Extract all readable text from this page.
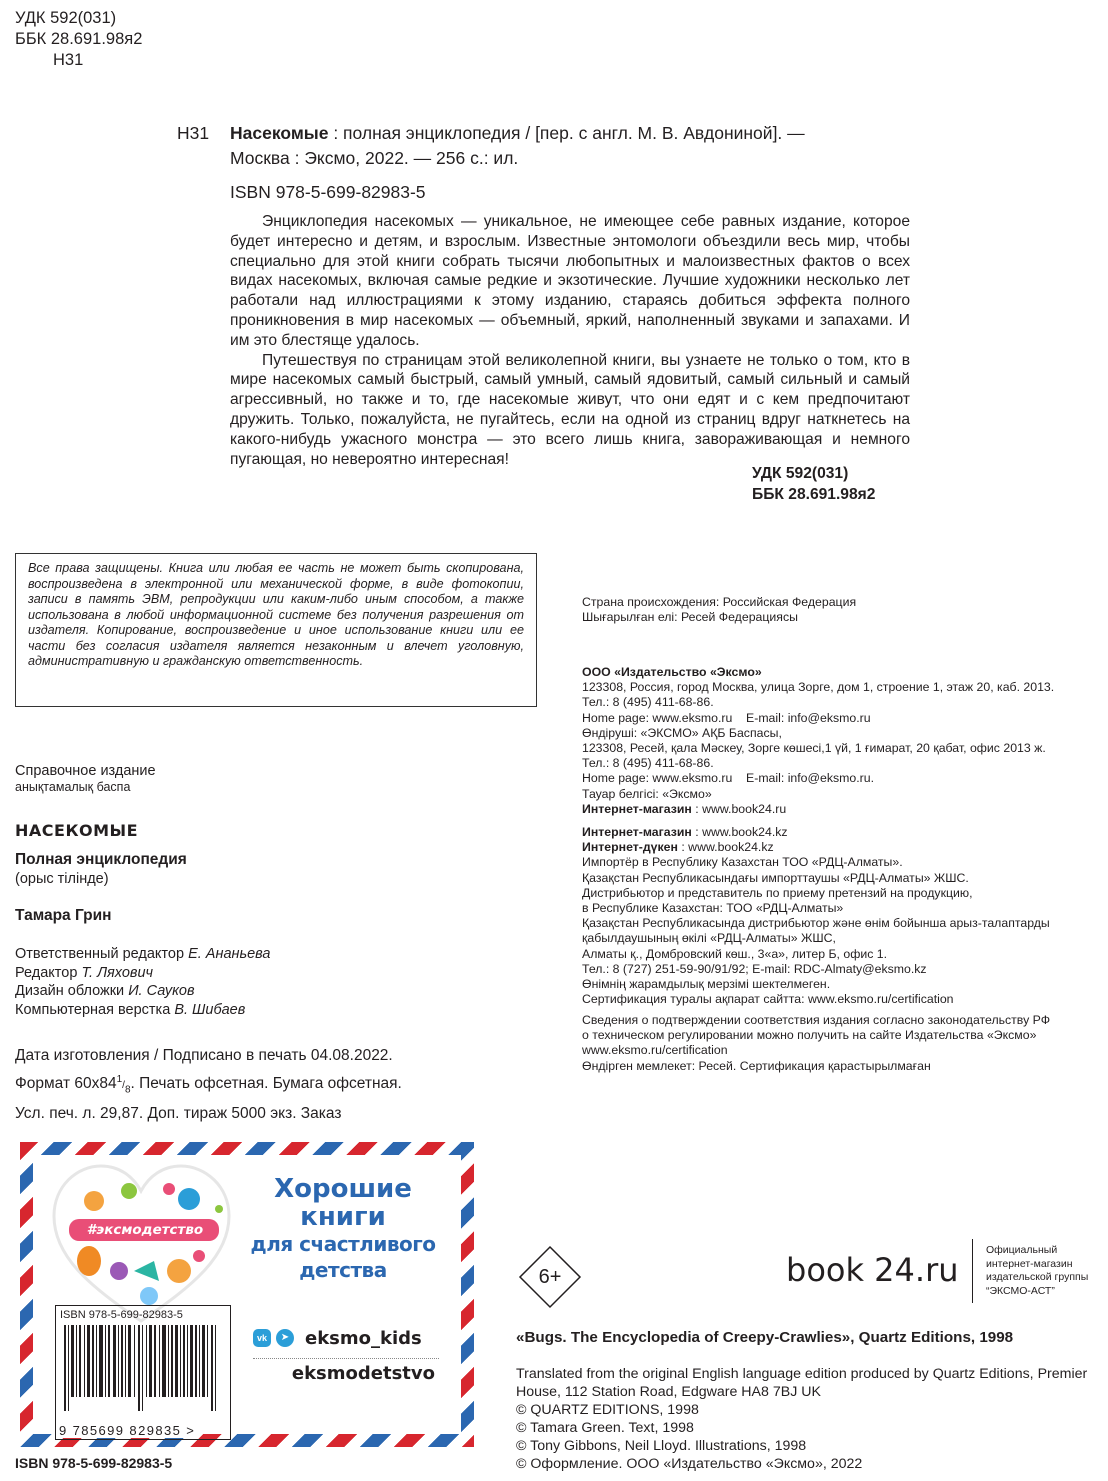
УДК 592(031)
ББК 28.691.98я2
Н31
Н31 Насекомые : полная энциклопедия / [пер. с англ. М. В. Авдониной]. —
Москва : Эксмо, 2022. — 256 с.: ил.
ISBN 978-5-699-82983-5

Энциклопедия насекомых — уникальное, не имеющее себе равных издание, которое будет интересно и детям, и взрослым. Известные энтомологи объездили весь мир, чтобы специально для этой книги собрать тысячи любопытных и малоизвестных фактов о всех видах насекомых, включая самые редкие и экзотические. Лучшие художники несколько лет работали над иллюстрациями к этому изданию, стараясь добиться эффекта полного проникновения в мир насекомых — объемный, яркий, наполненный звуками и запахами. И им это блестяще удалось.

Путешествуя по страницам этой великолепной книги, вы узнаете не только о том, кто в мире насекомых самый быстрый, самый умный, самый ядовитый, самый сильный и самый агрессивный, но также и то, где насекомые живут, что они едят и с кем предпочитают дружить. Только, пожалуйста, не пугайтесь, если на одной из страниц вдруг наткнетесь на какого-нибудь ужасного монстра — это всего лишь книга, завораживающая и немного пугающая, но невероятно интересная!

УДК 592(031)
ББК 28.691.98я2
Все права защищены. Книга или любая ее часть не может быть скопирована, воспроизведена в электронной или механической форме, в виде фотокопии, записи в память ЭВМ, репродукции или каким-либо иным способом, а также использована в любой информационной системе без получения разрешения от издателя. Копирование, воспроизведение и иное использование книги или ее части без согласия издателя является незаконным и влечет уголовную, административную и гражданскую ответственность.
Страна происхождения: Российская Федерация
Шығарылған елі: Ресей Федерациясы
ООО «Издательство «Эксмо»
123308, Россия, город Москва, улица Зорге, дом 1, строение 1, этаж 20, каб. 2013.
Тел.: 8 (495) 411-68-86.
Home page: www.eksmo.ru    E-mail: info@eksmo.ru
Өндіруші: «ЭКСМО» АҚБ Баспасы,
123308, Ресей, қала Мәскеу, Зорге көшесі,1 үй, 1 ғимарат, 20 қабат, офис 2013 ж.
Тел.: 8 (495) 411-68-86.
Home page: www.eksmo.ru    E-mail: info@eksmo.ru.
Тауар белгісі: «Эксмо»
Интернет-магазин : www.book24.ru
Интернет-магазин : www.book24.kz
Интернет-дүкен : www.book24.kz
Импортёр в Республику Казахстан ТОО «РДЦ-Алматы».
Қазақстан Республикасындағы импорттаушы «РДЦ-Алматы» ЖШС.
Дистрибьютор и представитель по приему претензий на продукцию,
в Республике Казахстан: ТОО «РДЦ-Алматы»
Қазақстан Республикасында дистрибьютор және өнім бойынша арыз-талаптарды
қабылдаушының өкілі «РДЦ-Алматы» ЖШС,
Алматы қ., Домбровский көш., 3«а», литер Б, офис 1.
Тел.: 8 (727) 251-59-90/91/92; E-mail: RDC-Almaty@eksmo.kz
Өнімнің жарамдылық мерзімі шектелмеген.
Сертификация туралы ақпарат сайтта: www.eksmo.ru/certification
Сведения о подтверждении соответствия издания согласно законодательству РФ
о техническом регулировании можно получить на сайте Издательства «Эксмо»
www.eksmo.ru/certification
Өндірген мемлекет: Ресей. Сертификация қарастырылмаған
Справочное издание
анықтамалық баспа
НАСЕКОМЫЕ
Полная энциклопедия
(орыс тілінде)
Тамара Грин
Ответственный редактор Е. Ананьева
Редактор Т. Ляхович
Дизайн обложки И. Сауков
Компьютерная верстка В. Шибаев
Дата изготовления / Подписано в печать 04.08.2022.
Формат $60x84^1/_8$. Печать офсетная. Бумага офсетная.
Усл. печ. л. 29,87. Доп. тираж 5000 экз. Заказ
#эксмодетство
Хорошие
книги
для счастливого
детства
vk	➤ eksmo_kids
eksmodetstvo
ISBN 978-5-699-82983-5
9 785699 829835 >
6+	book 24.ru
Официальный
интернет-магазин
издательской группы
“ЭКСМО-АСТ”
«Bugs. The Encyclopedia of Creepy-Crawlies», Quartz Editions, 1998
Translated from the original English language edition produced by Quartz Editions, Premier
House, 112 Station Road, Edgware HA8 7BJ UK
© QUARTZ EDITIONS, 1998
© Tamara Green. Text, 1998
© Tony Gibbons, Neil Lloyd. Illustrations, 1998
© Оформление. ООО «Издательство «Эксмо», 2022
ISBN 978-5-699-82983-5
